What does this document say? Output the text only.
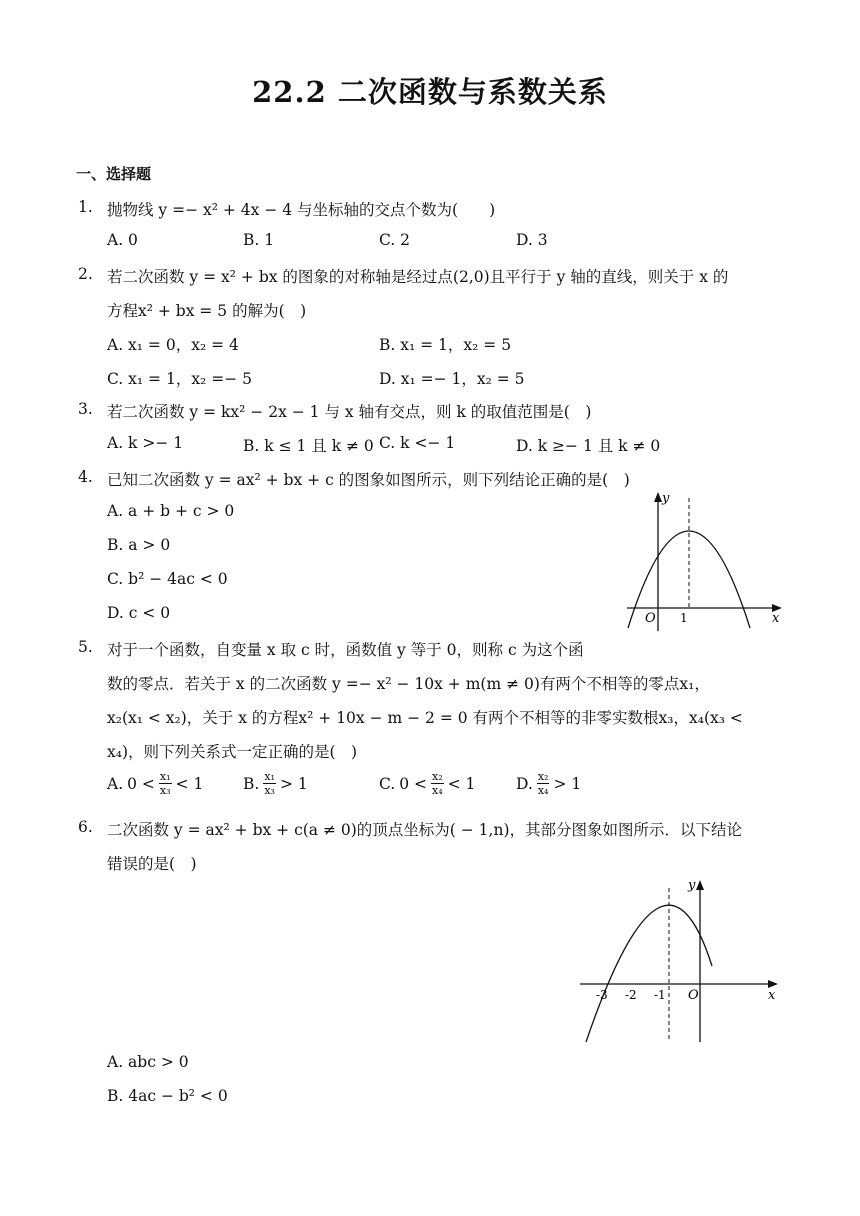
22.2 二次函数与系数关系
一、选择题
1. 抛物线 y =− x² + 4x − 4 与坐标轴的交点个数为(　　)
A. 0	B. 1	C. 2	D. 3
2. 若二次函数 y = x² + bx 的图象的对称轴是经过点(2,0)且平行于 y 轴的直线，则关于 x 的
方程x² + bx = 5 的解为(　)
A. x₁ = 0，x₂ = 4	B. x₁ = 1，x₂ = 5
C. x₁ = 1，x₂ =− 5	D. x₁ =− 1，x₂ = 5
3. 若二次函数 y = kx² − 2x − 1 与 x 轴有交点，则 k 的取值范围是(　)
A. k >− 1	B. k ≤ 1 且 k ≠ 0 C. k <− 1	D. k ≥− 1 且 k ≠ 0
4. 已知二次函数 y = ax² + bx + c 的图象如图所示，则下列结论正确的是(　)
A. a + b + c > 0
B. a > 0
C. b² − 4ac < 0
D. c < 0
y
x
O 1
5. 对于一个函数，自变量 x 取 c 时，函数值 y 等于 0，则称 c 为这个函
数的零点．若关于 x 的二次函数 y =− x² − 10x + m(m ≠ 0)有两个不相等的零点x₁，
x₂(x₁ < x₂)，关于 x 的方程x² + 10x − m − 2 = 0 有两个不相等的非零实数根x₃，x₄(x₃ <
x₄)，则下列关系式一定正确的是(　)
A. $0 < \frac{\text{x₁}}{\text{x₃}} < 1$	B. $\frac{\text{x₁}}{\text{x₃}} > 1$	C. $0 < \frac{\text{x₂}}{\text{x₄}} < 1$	D. $\frac{\text{x₂}}{\text{x₄}} > 1$
6. 二次函数 y = ax² + bx + c(a ≠ 0)的顶点坐标为( − 1,n)，其部分图象如图所示．以下结论
错误的是(　)
y
x
O
-3 -2 -1
A. abc > 0
B. 4ac − b² < 0
